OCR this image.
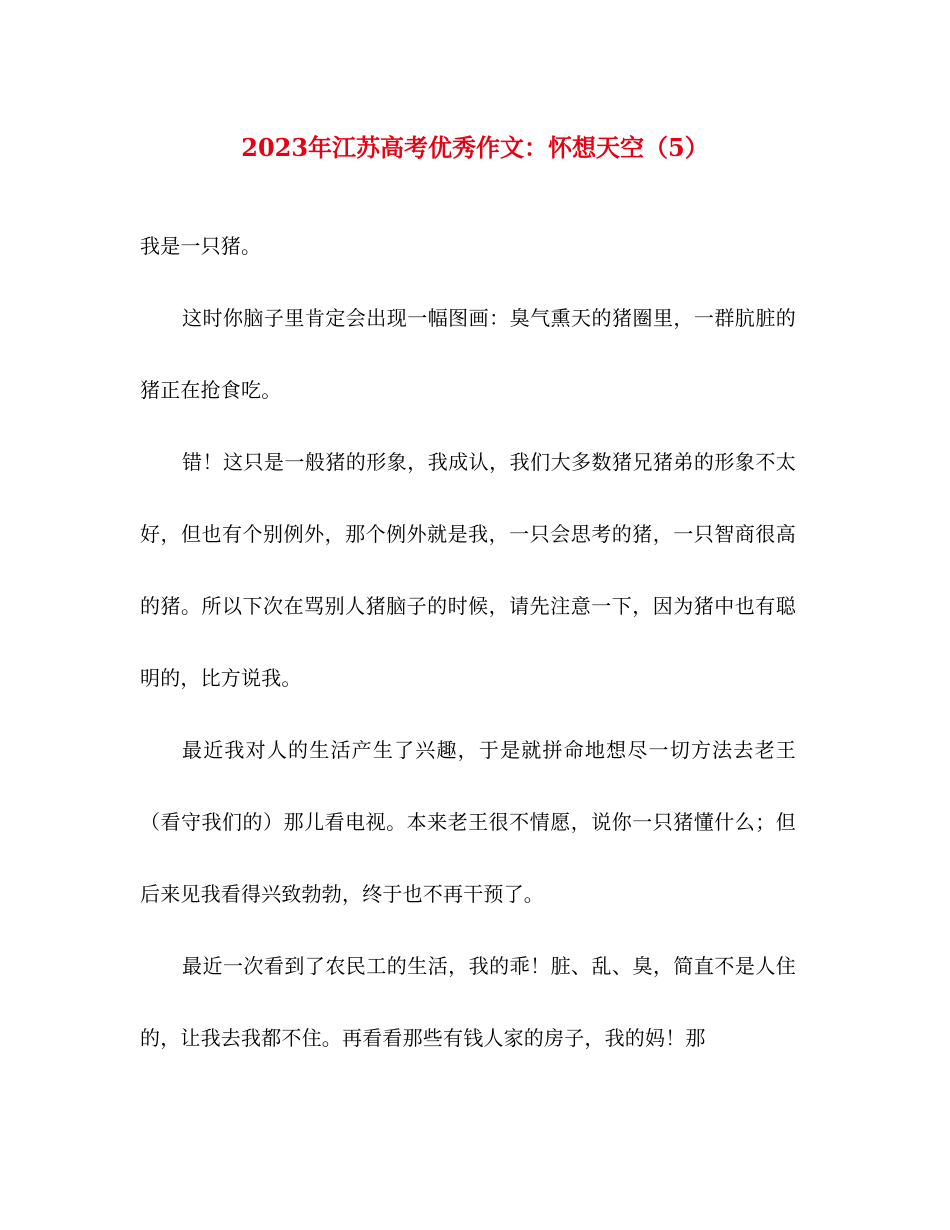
2023年江苏高考优秀作文：怀想天空（5）

我是一只猪。

这时你脑子里肯定会出现一幅图画：臭气熏天的猪圈里，一群肮脏的猪正在抢食吃。

错！这只是一般猪的形象，我成认，我们大多数猪兄猪弟的形象不太好，但也有个别例外，那个例外就是我，一只会思考的猪，一只智商很高的猪。所以下次在骂别人猪脑子的时候，请先注意一下，因为猪中也有聪明的，比方说我。

最近我对人的生活产生了兴趣，于是就拼命地想尽一切方法去老王（看守我们的）那儿看电视。本来老王很不情愿，说你一只猪懂什么；但后来见我看得兴致勃勃，终于也不再干预了。

最近一次看到了农民工的生活，我的乖！脏、乱、臭，简直不是人住的，让我去我都不住。再看看那些有钱人家的房子，我的妈！那
